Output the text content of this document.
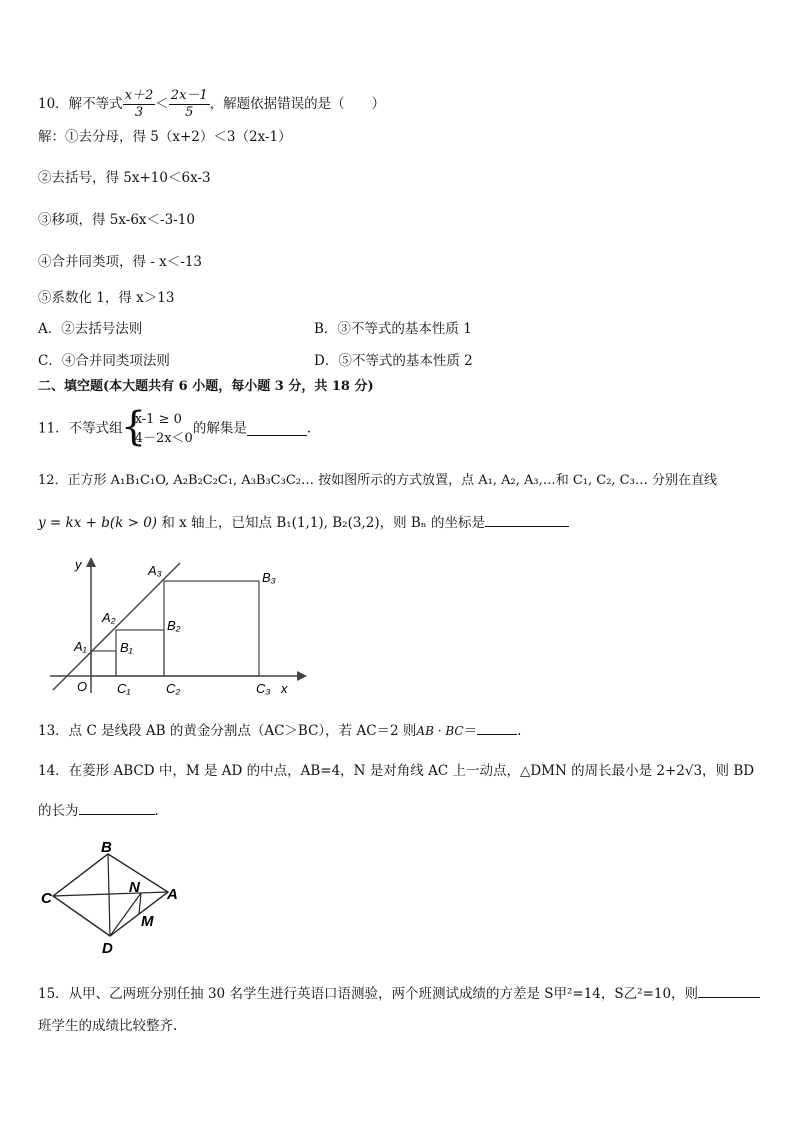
10．解不等式 $\frac{x+2}{3} < \frac{2x-1}{5}$ ，解题依据错误的是（　　）
解：①去分母，得 5（x+2）＜3（2x-1）
②去括号，得 5x+10＜6x-3
③移项，得 5x-6x＜-3-10
④合并同类项，得 - x＜-13
⑤系数化 1，得 x＞13
A．②去括号法则	B．③不等式的基本性质 1
C．④合并同类项法则	D．⑤不等式的基本性质 2
二、填空题(本大题共有 6 小题，每小题 3 分，共 18 分)
11．不等式组
{
x-1 ≥ 0
4－2x＜0
的解集是	.
12．正方形 A₁B₁C₁O, A₂B₂C₂C₁, A₃B₃C₃C₂… 按如图所示的方式放置，点 A₁, A₂, A₃,…和 C₁, C₂, C₃… 分别在直线
y = kx + b(k > 0) 和 x 轴上，已知点 B₁(1,1), B₂(3,2)，则 Bₙ 的坐标是
y
x
O
A₁
A₂
A₃
B₁
B₂
B₃
C₁	C₂	C₃
13．点 C 是线段 AB 的黄金分割点（AC＞BC），若 AC＝2 则AB · BC＝	.
14．在菱形 ABCD 中，M 是 AD 的中点，AB=4，N 是对角线 AC 上一动点，△DMN 的周长最小是 2+2√3，则 BD
的长为	.
B
C
N A
M
D
15．从甲、乙两班分别任抽 30 名学生进行英语口语测验，两个班测试成绩的方差是 S甲²=14，S乙²=10，则
班学生的成绩比较整齐.
